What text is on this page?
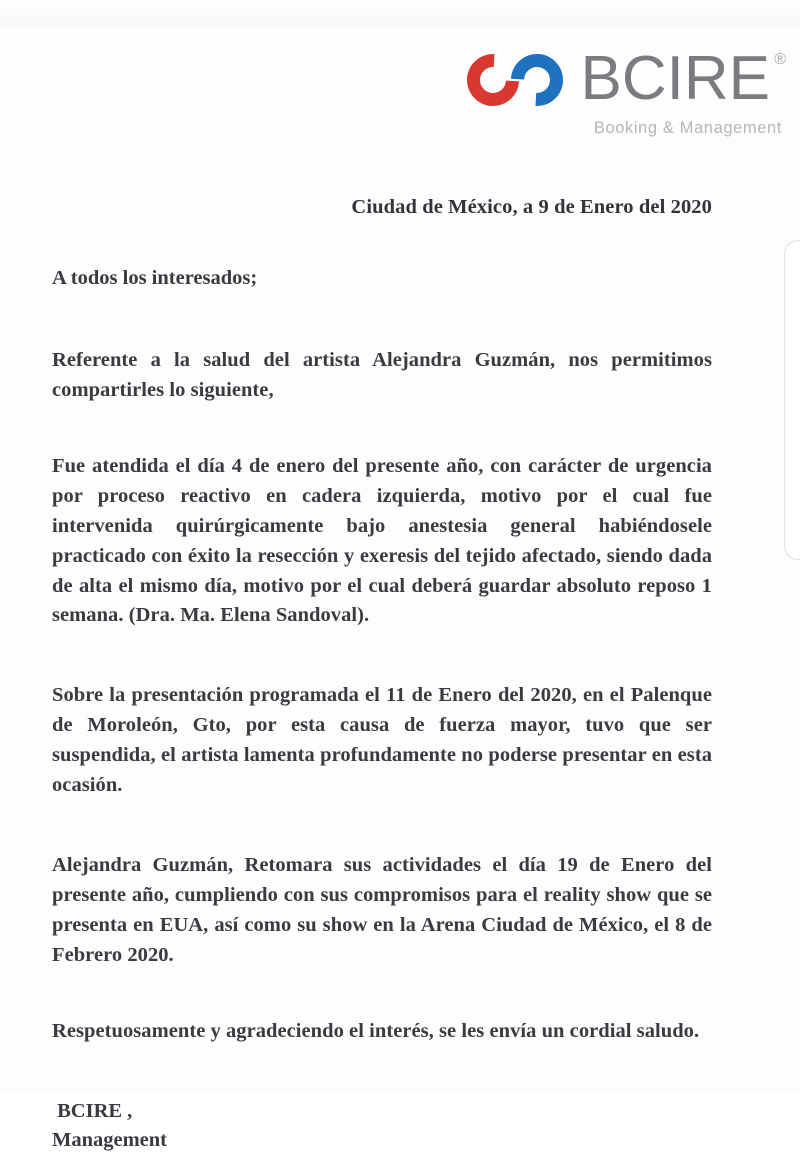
BCIRE ®
Booking & Management
Ciudad de México, a 9 de Enero del 2020
A todos los interesados;

Referente a la salud del artista Alejandra Guzmán, nos permitimos compartirles lo siguiente,

Fue atendida el día 4 de enero del presente año, con carácter de urgencia por proceso reactivo en cadera izquierda, motivo por el cual fue intervenida quirúrgicamente bajo anestesia general habiéndosele practicado con éxito la resección y exeresis del tejido afectado, siendo dada de alta el mismo día, motivo por el cual deberá guardar absoluto reposo 1 semana. (Dra. Ma. Elena Sandoval).

Sobre la presentación programada el 11 de Enero del 2020, en el Palenque de Moroleón, Gto, por esta causa de fuerza mayor, tuvo que ser suspendida, el artista lamenta profundamente no poderse presentar en esta ocasión.

Alejandra Guzmán, Retomara sus actividades el día 19 de Enero del presente año, cumpliendo con sus compromisos para el reality show que se presenta en EUA, así como su show en la Arena Ciudad de México, el 8 de Febrero 2020.

Respetuosamente y agradeciendo el interés, se les envía un cordial saludo.

BCIRE ,
Management
